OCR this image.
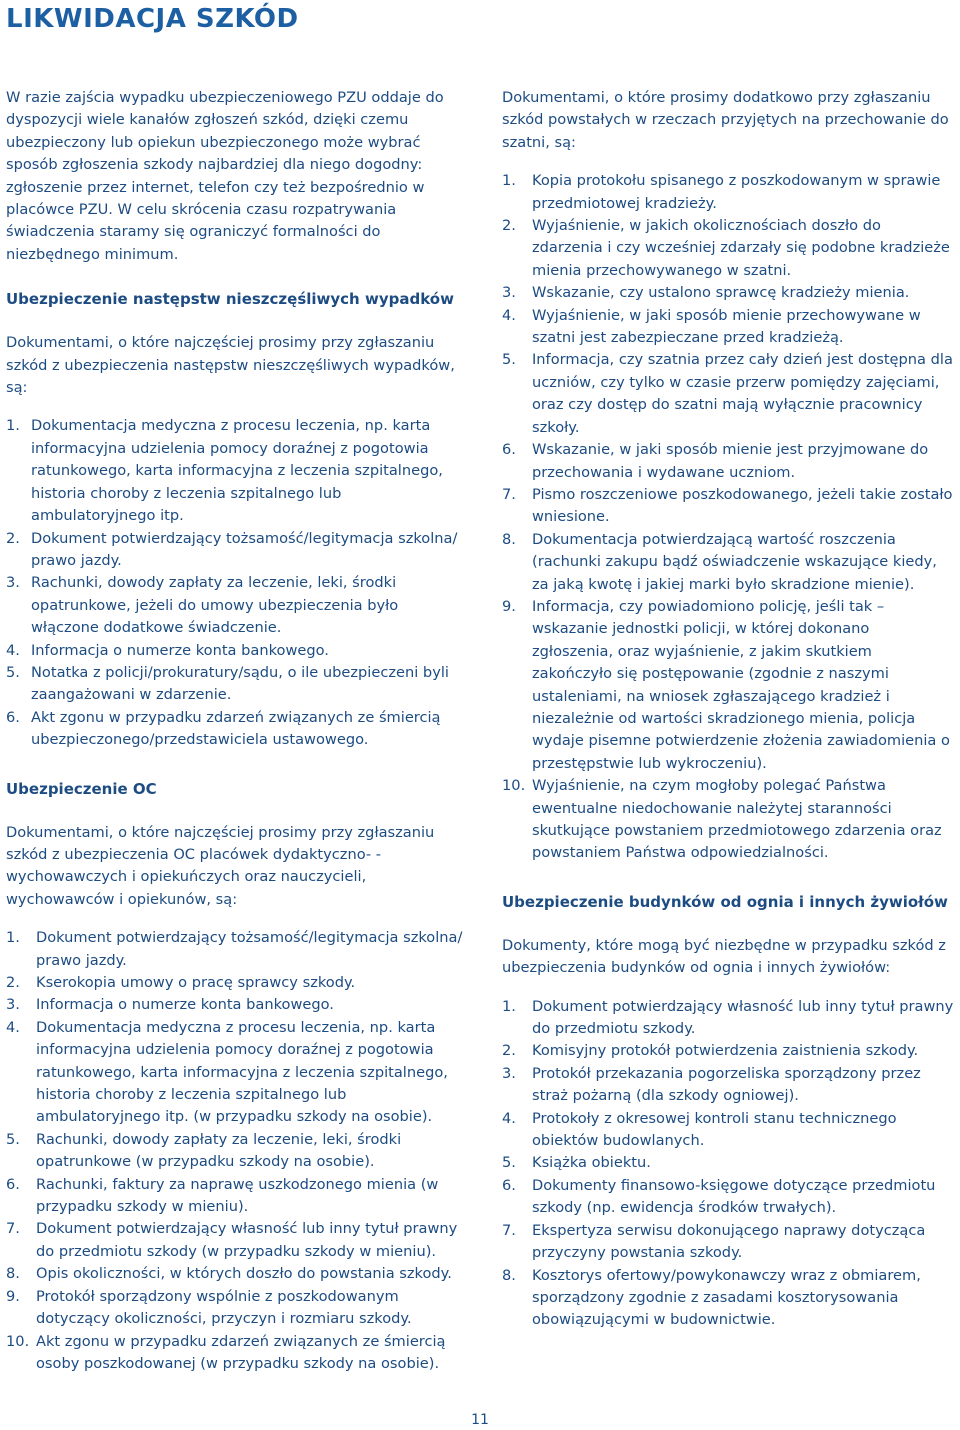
LIKWIDACJA SZKÓD

W razie zajścia wypadku ubezpieczeniowego PZU oddaje do dyspozycji wiele kanałów zgłoszeń szkód, dzięki czemu ubezpieczony lub opiekun ubezpieczonego może wybrać sposób zgłoszenia szkody najbardziej dla niego dogodny: zgłoszenie przez internet, telefon czy też bezpośrednio w placówce PZU. W celu skrócenia czasu rozpatrywania świadczenia staramy się ograniczyć formalności do niezbędnego minimum.

Ubezpieczenie następstw nieszczęśliwych wypadków

Dokumentami, o które najczęściej prosimy przy zgłaszaniu szkód z ubezpieczenia następstw nieszczęśliwych wypadków, są:

1. Dokumentacja medyczna z procesu leczenia, np. karta informacyjna udzielenia pomocy doraźnej z pogotowia ratunkowego, karta informacyjna z leczenia szpitalnego, historia choroby z leczenia szpitalnego lub ambulatoryjnego itp.
2. Dokument potwierdzający tożsamość/legitymacja szkolna/ prawo jazdy.
3. Rachunki, dowody zapłaty za leczenie, leki, środki opatrunkowe, jeżeli do umowy ubezpieczenia było włączone dodatkowe świadczenie.
4. Informacja o numerze konta bankowego.
5. Notatka z policji/prokuratury/sądu, o ile ubezpieczeni byli zaangażowani w zdarzenie.
6. Akt zgonu w przypadku zdarzeń związanych ze śmiercią ubezpieczonego/przedstawiciela ustawowego.
Ubezpieczenie OC

Dokumentami, o które najczęściej prosimy przy zgłaszaniu szkód z ubezpieczenia OC placówek dydaktyczno- -wychowawczych i opiekuńczych oraz nauczycieli, wychowawców i opiekunów, są:

1.	Dokument potwierdzający tożsamość/legitymacja szkolna/ prawo jazdy.
2.	Kserokopia umowy o pracę sprawcy szkody.
3.	Informacja o numerze konta bankowego.
4.	Dokumentacja medyczna z procesu leczenia, np. karta informacyjna udzielenia pomocy doraźnej z pogotowia ratunkowego, karta informacyjna z leczenia szpitalnego, historia choroby z leczenia szpitalnego lub ambulatoryjnego itp. (w przypadku szkody na osobie).
5.	Rachunki, dowody zapłaty za leczenie, leki, środki opatrunkowe (w przypadku szkody na osobie).
6.	Rachunki, faktury za naprawę uszkodzonego mienia (w przypadku szkody w mieniu).
7.	Dokument potwierdzający własność lub inny tytuł prawny do przedmiotu szkody (w przypadku szkody w mieniu).
8.	Opis okoliczności, w których doszło do powstania szkody.
9.	Protokół sporządzony wspólnie z poszkodowanym dotyczący okoliczności, przyczyn i rozmiaru szkody.
10. Akt zgonu w przypadku zdarzeń związanych ze śmiercią osoby poszkodowanej (w przypadku szkody na osobie).

Dokumentami, o które prosimy dodatkowo przy zgłaszaniu szkód powstałych w rzeczach przyjętych na przechowanie do szatni, są:

1.	Kopia protokołu spisanego z poszkodowanym w sprawie przedmiotowej kradzieży.
2.	Wyjaśnienie, w jakich okolicznościach doszło do zdarzenia i czy wcześniej zdarzały się podobne kradzieże mienia przechowywanego w szatni.
3.	Wskazanie, czy ustalono sprawcę kradzieży mienia.
4.	Wyjaśnienie, w jaki sposób mienie przechowywane w szatni jest zabezpieczane przed kradzieżą.
5.	Informacja, czy szatnia przez cały dzień jest dostępna dla uczniów, czy tylko w czasie przerw pomiędzy zajęciami, oraz czy dostęp do szatni mają wyłącznie pracownicy szkoły.
6.	Wskazanie, w jaki sposób mienie jest przyjmowane do przechowania i wydawane uczniom.
7.	Pismo roszczeniowe poszkodowanego, jeżeli takie zostało wniesione.
8.	Dokumentacja potwierdzającą wartość roszczenia (rachunki zakupu bądź oświadczenie wskazujące kiedy, za jaką kwotę i jakiej marki było skradzione mienie).
9.	Informacja, czy powiadomiono policję, jeśli tak – wskazanie jednostki policji, w której dokonano zgłoszenia, oraz wyjaśnienie, z jakim skutkiem zakończyło się postępowanie (zgodnie z naszymi ustaleniami, na wniosek zgłaszającego kradzież i niezależnie od wartości skradzionego mienia, policja wydaje pisemne potwierdzenie złożenia zawiadomienia o przestępstwie lub wykroczeniu).
10. Wyjaśnienie, na czym mogłoby polegać Państwa ewentualne niedochowanie należytej staranności skutkujące powstaniem przedmiotowego zdarzenia oraz powstaniem Państwa odpowiedzialności.
Ubezpieczenie budynków od ognia i innych żywiołów

Dokumenty, które mogą być niezbędne w przypadku szkód z ubezpieczenia budynków od ognia i innych żywiołów:

1.	Dokument potwierdzający własność lub inny tytuł prawny do przedmiotu szkody.
2.	Komisyjny protokół potwierdzenia zaistnienia szkody.
3.	Protokół przekazania pogorzeliska sporządzony przez straż pożarną (dla szkody ogniowej).
4.	Protokoły z okresowej kontroli stanu technicznego obiektów budowlanych.
5.	Książka obiektu.
6.	Dokumenty finansowo-księgowe dotyczące przedmiotu szkody (np. ewidencja środków trwałych).
7.	Ekspertyza serwisu dokonującego naprawy dotycząca przyczyny powstania szkody.
8.	Kosztorys ofertowy/powykonawczy wraz z obmiarem, sporządzony zgodnie z zasadami kosztorysowania obowiązującymi w budownictwie.
11
